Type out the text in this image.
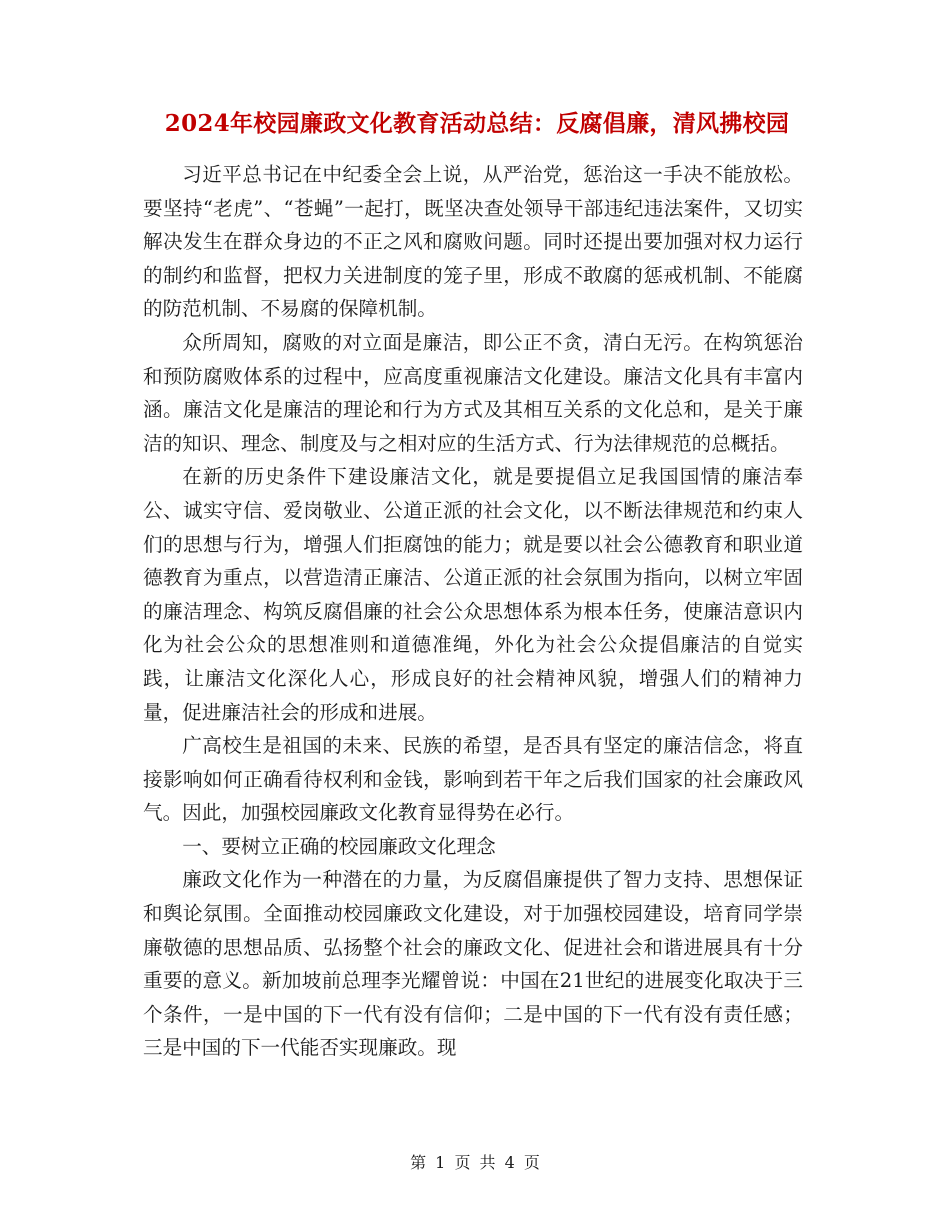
2024年校园廉政文化教育活动总结：反腐倡廉，清风拂校园

习近平总书记在中纪委全会上说，从严治党，惩治这一手决不能放松。要坚持“老虎”、“苍蝇”一起打，既坚决查处领导干部违纪违法案件，又切实解决发生在群众身边的不正之风和腐败问题。同时还提出要加强对权力运行的制约和监督，把权力关进制度的笼子里，形成不敢腐的惩戒机制、不能腐的防范机制、不易腐的保障机制。

众所周知，腐败的对立面是廉洁，即公正不贪，清白无污。在构筑惩治和预防腐败体系的过程中，应高度重视廉洁文化建设。廉洁文化具有丰富内涵。廉洁文化是廉洁的理论和行为方式及其相互关系的文化总和，是关于廉洁的知识、理念、制度及与之相对应的生活方式、行为法律规范的总概括。

在新的历史条件下建设廉洁文化，就是要提倡立足我国国情的廉洁奉公、诚实守信、爱岗敬业、公道正派的社会文化，以不断法律规范和约束人们的思想与行为，增强人们拒腐蚀的能力；就是要以社会公德教育和职业道德教育为重点，以营造清正廉洁、公道正派的社会氛围为指向，以树立牢固的廉洁理念、构筑反腐倡廉的社会公众思想体系为根本任务，使廉洁意识内化为社会公众的思想准则和道德准绳，外化为社会公众提倡廉洁的自觉实践，让廉洁文化深化人心，形成良好的社会精神风貌，增强人们的精神力量，促进廉洁社会的形成和进展。

广高校生是祖国的未来、民族的希望，是否具有坚定的廉洁信念，将直接影响如何正确看待权利和金钱，影响到若干年之后我们国家的社会廉政风气。因此，加强校园廉政文化教育显得势在必行。

一、要树立正确的校园廉政文化理念

廉政文化作为一种潜在的力量，为反腐倡廉提供了智力支持、思想保证和舆论氛围。全面推动校园廉政文化建设，对于加强校园建设，培育同学崇廉敬德的思想品质、弘扬整个社会的廉政文化、促进社会和谐进展具有十分重要的意义。新加坡前总理李光耀曾说：中国在21世纪的进展变化取决于三个条件，一是中国的下一代有没有信仰；二是中国的下一代有没有责任感；三是中国的下一代能否实现廉政。现

第 1 页 共 4 页
